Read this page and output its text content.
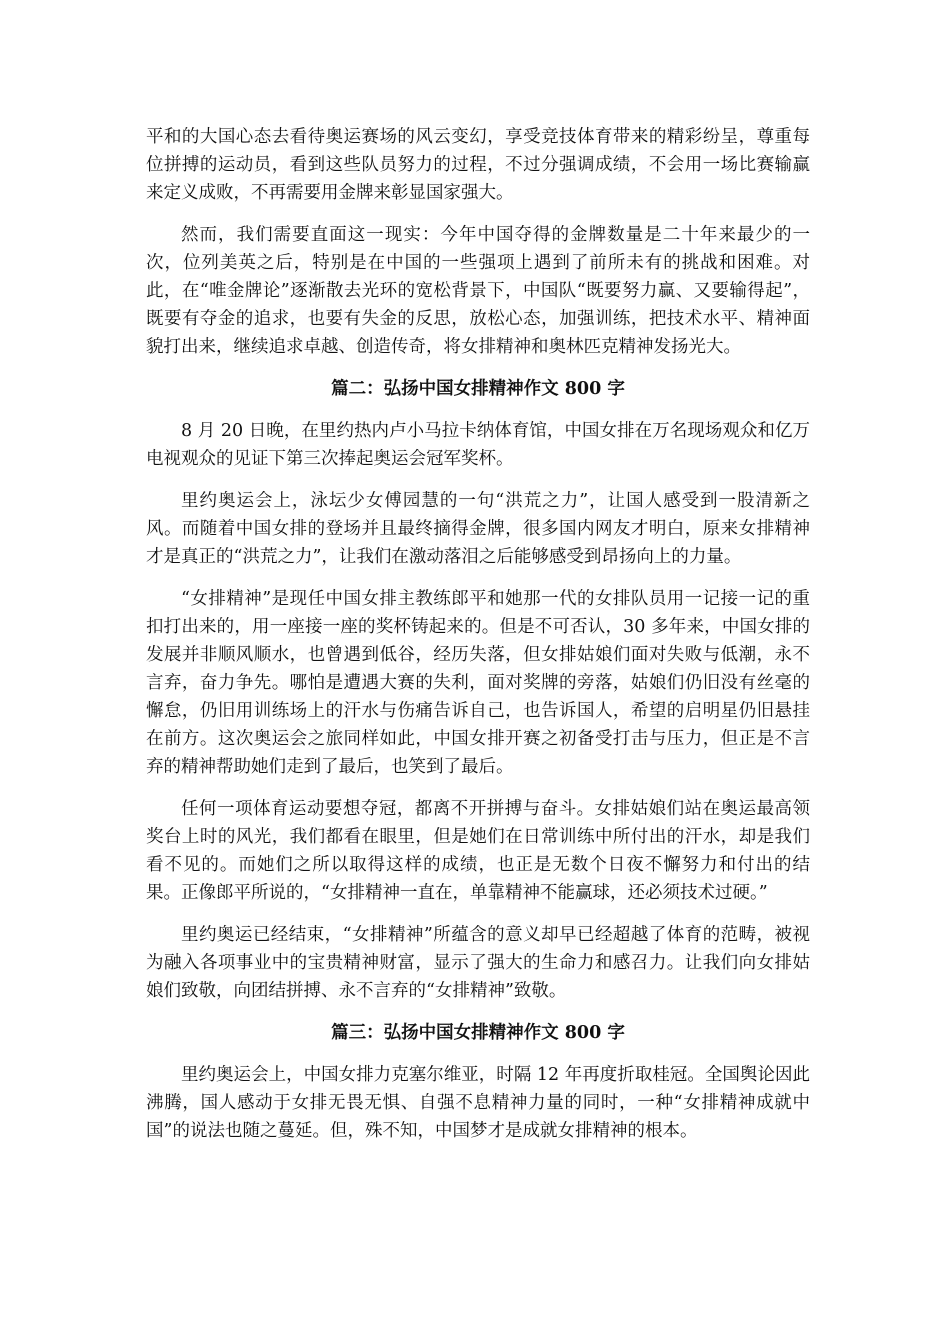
平和的大国心态去看待奥运赛场的风云变幻，享受竞技体育带来的精彩纷呈，尊重每位拼搏的运动员，看到这些队员努力的过程，不过分强调成绩，不会用一场比赛输赢来定义成败，不再需要用金牌来彰显国家强大。

然而，我们需要直面这一现实：今年中国夺得的金牌数量是二十年来最少的一次，位列美英之后，特别是在中国的一些强项上遇到了前所未有的挑战和困难。对此，在“唯金牌论”逐渐散去光环的宽松背景下，中国队“既要努力赢、又要输得起”，既要有夺金的追求，也要有失金的反思，放松心态，加强训练，把技术水平、精神面貌打出来，继续追求卓越、创造传奇，将女排精神和奥林匹克精神发扬光大。

篇二：弘扬中国女排精神作文 800 字

8 月 20 日晚，在里约热内卢小马拉卡纳体育馆，中国女排在万名现场观众和亿万电视观众的见证下第三次捧起奥运会冠军奖杯。

里约奥运会上，泳坛少女傅园慧的一句“洪荒之力”，让国人感受到一股清新之风。而随着中国女排的登场并且最终摘得金牌，很多国内网友才明白，原来女排精神才是真正的“洪荒之力”，让我们在激动落泪之后能够感受到昂扬向上的力量。

“女排精神”是现任中国女排主教练郎平和她那一代的女排队员用一记接一记的重扣打出来的，用一座接一座的奖杯铸起来的。但是不可否认，30 多年来，中国女排的发展并非顺风顺水，也曾遇到低谷，经历失落，但女排姑娘们面对失败与低潮，永不言弃，奋力争先。哪怕是遭遇大赛的失利，面对奖牌的旁落，姑娘们仍旧没有丝毫的懈怠，仍旧用训练场上的汗水与伤痛告诉自己，也告诉国人，希望的启明星仍旧悬挂在前方。这次奥运会之旅同样如此，中国女排开赛之初备受打击与压力，但正是不言弃的精神帮助她们走到了最后，也笑到了最后。

任何一项体育运动要想夺冠，都离不开拼搏与奋斗。女排姑娘们站在奥运最高领奖台上时的风光，我们都看在眼里，但是她们在日常训练中所付出的汗水，却是我们看不见的。而她们之所以取得这样的成绩，也正是无数个日夜不懈努力和付出的结果。正像郎平所说的，“女排精神一直在，单靠精神不能赢球，还必须技术过硬。”

里约奥运已经结束，“女排精神”所蕴含的意义却早已经超越了体育的范畴，被视为融入各项事业中的宝贵精神财富，显示了强大的生命力和感召力。让我们向女排姑娘们致敬，向团结拼搏、永不言弃的“女排精神”致敬。

篇三：弘扬中国女排精神作文 800 字

里约奥运会上，中国女排力克塞尔维亚，时隔 12 年再度折取桂冠。全国舆论因此沸腾，国人感动于女排无畏无惧、自强不息精神力量的同时，一种“女排精神成就中国”的说法也随之蔓延。但，殊不知，中国梦才是成就女排精神的根本。
